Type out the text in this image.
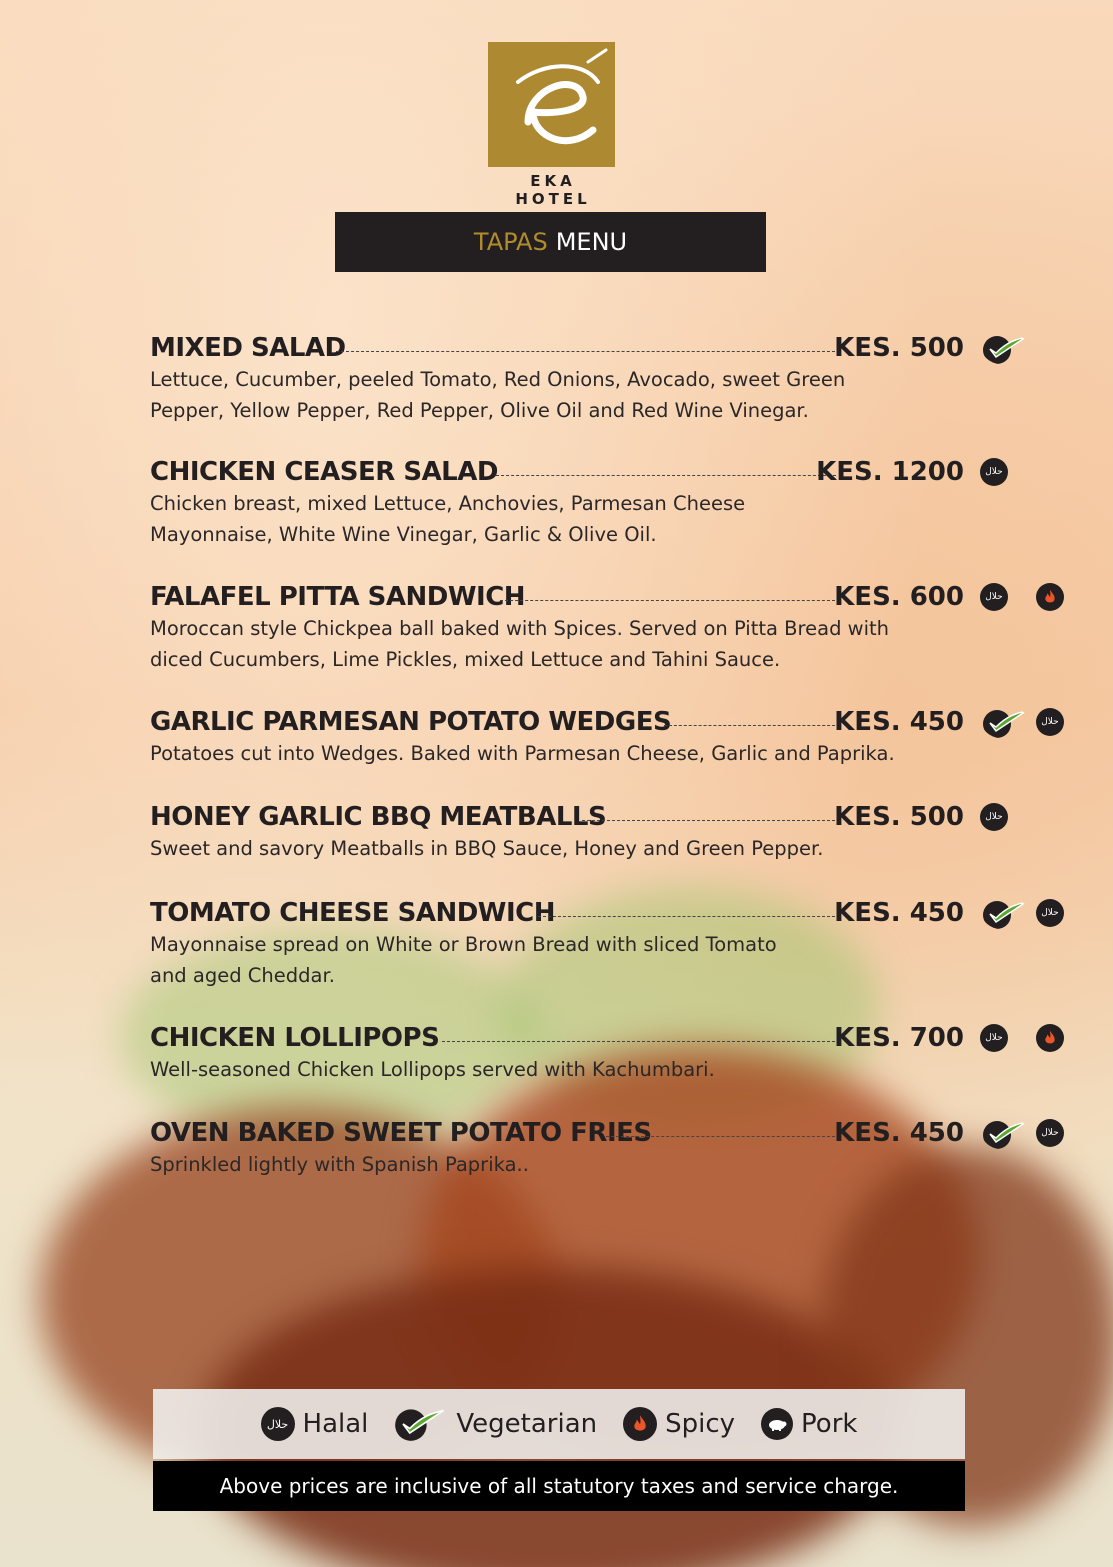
EKA HOTEL
TAPAS MENU
MIXED SALAD	KES. 500
Lettuce, Cucumber, peeled Tomato, Red Onions, Avocado, sweet Green
Pepper, Yellow Pepper, Red Pepper, Olive Oil and Red Wine Vinegar.
CHICKEN CEASER SALAD	KES. 1200	حلال
Chicken breast, mixed Lettuce, Anchovies, Parmesan Cheese
Mayonnaise, White Wine Vinegar, Garlic & Olive Oil.
FALAFEL PITTA SANDWICH	KES. 600	حلال
Moroccan style Chickpea ball baked with Spices. Served on Pitta Bread with
diced Cucumbers, Lime Pickles, mixed Lettuce and Tahini Sauce.
GARLIC PARMESAN POTATO WEDGES	KES. 450	حلال
Potatoes cut into Wedges. Baked with Parmesan Cheese, Garlic and Paprika.
HONEY GARLIC BBQ MEATBALLS	KES. 500	حلال
Sweet and savory Meatballs in BBQ Sauce, Honey and Green Pepper.
TOMATO CHEESE SANDWICH	KES. 450	حلال
Mayonnaise spread on White or Brown Bread with sliced Tomato
and aged Cheddar.
CHICKEN LOLLIPOPS	KES. 700	حلال
Well-seasoned Chicken Lollipops served with Kachumbari.
OVEN BAKED SWEET POTATO FRIES	KES. 450	حلال
Sprinkled lightly with Spanish Paprika..
حلال Halal	Vegetarian	Spicy	Pork
Above prices are inclusive of all statutory taxes and service charge.
